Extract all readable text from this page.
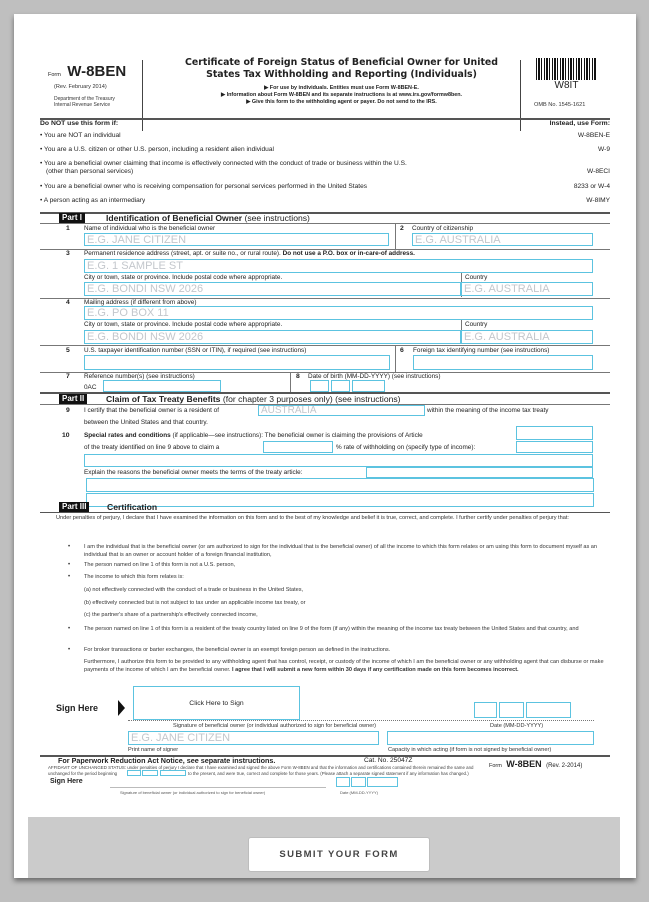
Form W-8BEN
(Rev. February 2014)
Department of the Treasury
Internal Revenue Service
Certificate of Foreign Status of Beneficial Owner for United
States Tax Withholding and Reporting (Individuals)
▶ For use by individuals. Entities must use Form W-8BEN-E.
▶ Information about Form W-8BEN and its separate instructions is at www.irs.gov/formw8ben.
▶ Give this form to the withholding agent or payer. Do not send to the IRS.
W8IT
OMB No. 1545-1621
Do NOT use this form if:	Instead, use Form:
• You are NOT an individual	W-8BEN-E
• You are a U.S. citizen or other U.S. person, including a resident alien individual	W-9
• You are a beneficial owner claiming that income is effectively connected with the conduct of trade or business within the U.S.
(other than personal services)	W-8ECI
• You are a beneficial owner who is receiving compensation for personal services performed in the United States	8233 or W-4
• A person acting as an intermediary	W-8IMY
Part I	Identification of Beneficial Owner (see instructions)
1 Name of individual who is the beneficial owner
E.G. JANE CITIZEN
2 Country of citizenship
E.G. AUSTRALIA
3 Permanent residence address (street, apt. or suite no., or rural route). Do not use a P.O. box or in-care-of address.
E.G. 1 SAMPLE ST
City or town, state or province. Include postal code where appropriate.	Country
E.G. BONDI NSW 2026	E.G. AUSTRALIA
4 Mailing address (if different from above)
E.G. PO BOX 11
City or town, state or province. Include postal code where appropriate.	Country
E.G. BONDI NSW 2026	E.G. AUSTRALIA
5 U.S. taxpayer identification number (SSN or ITIN), if required (see instructions)	6 Foreign tax identifying number (see instructions)
7 Reference number(s) (see instructions)
0AC
8 Date of birth (MM-DD-YYYY) (see instructions)
Part II	Claim of Tax Treaty Benefits (for chapter 3 purposes only) (see instructions)
9 I certify that the beneficial owner is a resident of	AUSTRALIA	within the meaning of the income tax treaty
between the United States and that country.
10 Special rates and conditions (if applicable—see instructions): The beneficial owner is claiming the provisions of Article
of the treaty identified on line 9 above to claim a	% rate of withholding on (specify type of income):
Explain the reasons the beneficial owner meets the terms of the treaty article:
Part III	Certification
Under penalties of perjury, I declare that I have examined the information on this form and to the best of my knowledge and belief it is true, correct, and complete. I further certify under penalties of perjury that:
• I am the individual that is the beneficial owner (or am authorized to sign for the individual that is the beneficial owner) of all the income to which this form relates or am using this form to document myself as an individual that is an owner or account holder of a foreign financial institution,
• The person named on line 1 of this form is not a U.S. person,
• The income to which this form relates is:
(a) not effectively connected with the conduct of a trade or business in the United States,
(b) effectively connected but is not subject to tax under an applicable income tax treaty, or
(c) the partner's share of a partnership's effectively connected income,
• The person named on line 1 of this form is a resident of the treaty country listed on line 9 of the form (if any) within the meaning of the income tax treaty between the United States and that country, and
• For broker transactions or barter exchanges, the beneficial owner is an exempt foreign person as defined in the instructions.
Furthermore, I authorize this form to be provided to any withholding agent that has control, receipt, or custody of the income of which I am the beneficial owner or any withholding agent that can disburse or make payments of the income of which I am the beneficial owner. I agree that I will submit a new form within 30 days if any certification made on this form becomes incorrect.
Sign Here	Click Here to Sign
Signature of beneficial owner (or individual authorized to sign for beneficial owner)	Date (MM-DD-YYYY)
E.G. JANE CITIZEN
Print name of signer	Capacity in which acting (if form is not signed by beneficial owner)
For Paperwork Reduction Act Notice, see separate instructions.	Cat. No. 25047Z
Form W-8BEN (Rev. 2-2014)
AFFIDAVIT OF UNCHANGED STATUS: under penalties of perjury I declare that I have examined and signed the above Form W-8BEN and that the information and certifications contained therein remained the same and
unchanged for the period beginning	to the present, and were true, correct and complete for those years. (Please attach a separate signed statement if any information has changed.)
Sign Here
Signature of beneficial owner (or individual authorized to sign for beneficial owner)	Date (MM-DD-YYYY)
SUBMIT YOUR FORM
